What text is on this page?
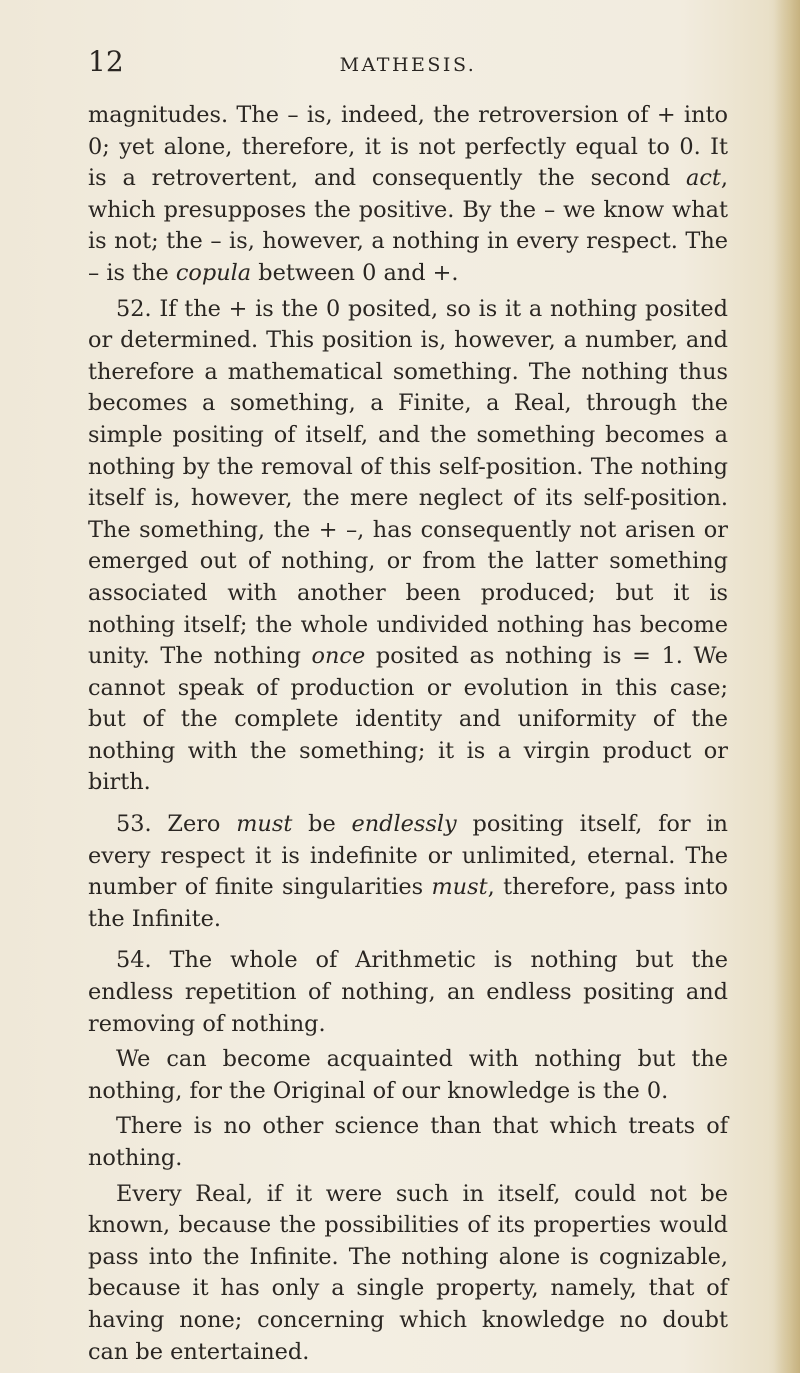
12	MATHESIS.

magnitudes. The – is, indeed, the retroversion of + into 0; yet alone, therefore, it is not perfectly equal to 0. It is a retrovertent, and consequently the second act, which presupposes the positive. By the – we know what is not; the – is, however, a nothing in every respect. The – is the copula between 0 and +.

52. If the + is the 0 posited, so is it a nothing posited or determined. This position is, however, a number, and therefore a mathematical something. The nothing thus becomes a something, a Finite, a Real, through the simple positing of itself, and the something becomes a nothing by the removal of this self-position. The nothing itself is, however, the mere neglect of its self-position. The something, the + –, has consequently not arisen or emerged out of nothing, or from the latter something associated with another been produced; but it is nothing itself; the whole undivided nothing has become unity. The nothing once posited as nothing is = 1. We cannot speak of production or evolution in this case; but of the complete identity and uniformity of the nothing with the something; it is a virgin product or birth.

53. Zero must be endlessly positing itself, for in every respect it is indefinite or unlimited, eternal. The number of finite singularities must, therefore, pass into the Infinite.

54. The whole of Arithmetic is nothing but the endless repetition of nothing, an endless positing and removing of nothing.

We can become acquainted with nothing but the nothing, for the Original of our knowledge is the 0.

There is no other science than that which treats of nothing.

Every Real, if it were such in itself, could not be known, because the possibilities of its properties would pass into the Infinite. The nothing alone is cognizable, because it has only a single property, namely, that of having none; concerning which knowledge no doubt can be entertained.
